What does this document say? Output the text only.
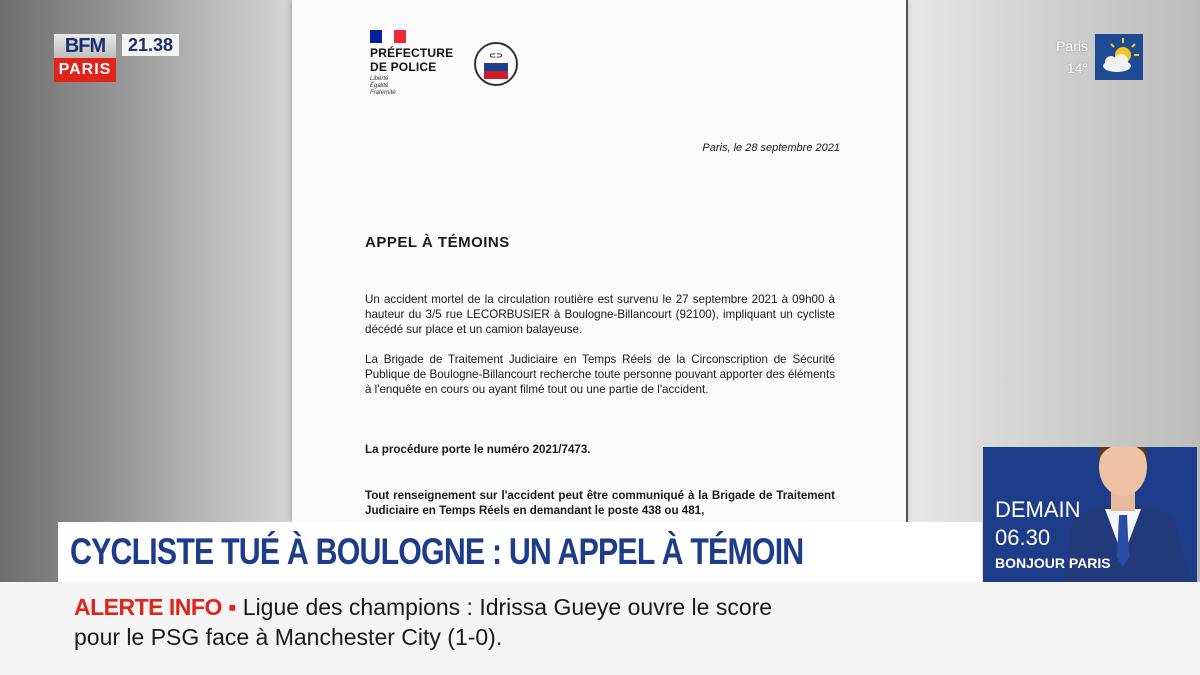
PRÉFECTURE
DE POLICE
Liberté
Égalité
Fraternité
⊂⊃
Paris, le 28 septembre 2021
APPEL À TÉMOINS
Un accident mortel de la circulation routière est survenu le 27 septembre 2021 à 09h00 à hauteur du 3/5 rue LECORBUSIER à Boulogne-Billancourt (92100), impliquant un cycliste décédé sur place et un camion balayeuse.
La Brigade de Traitement Judiciaire en Temps Réels de la Circonscription de Sécurité Publique de Boulogne-Billancourt recherche toute personne pouvant apporter des éléments à l'enquête en cours ou ayant filmé tout ou une partie de l'accident.
La procédure porte le numéro 2021/7473.
Tout renseignement sur l'accident peut être communiqué à la Brigade de Traitement Judiciaire en Temps Réels en demandant le poste 438 ou 481,
BFM
PARIS
21.38	Paris
14°
DEMAIN
06.30
BONJOUR PARIS
CYCLISTE TUÉ À BOULOGNE : UN APPEL À TÉMOIN
ALERTE INFO ▪ Ligue des champions : Idrissa Gueye ouvre le score
pour le PSG face à Manchester City (1-0).
